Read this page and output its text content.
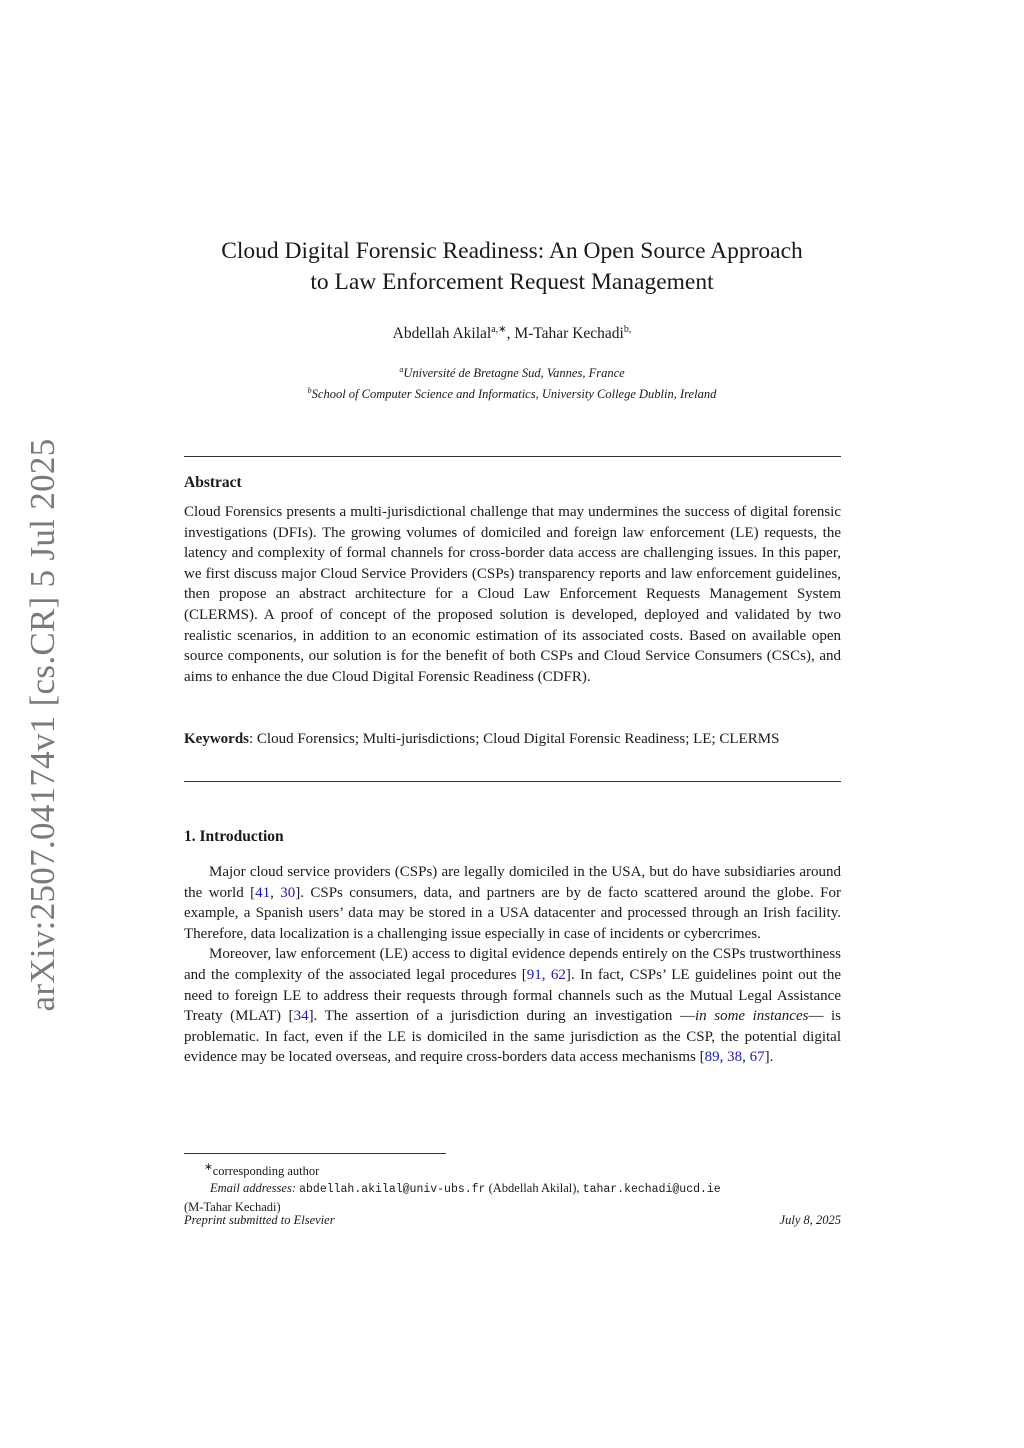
arXiv:2507.04174v1 [cs.CR] 5 Jul 2025
Cloud Digital Forensic Readiness: An Open Source Approach
to Law Enforcement Request Management
Abdellah Akilal$^{a,∗}$, M-Tahar Kechadi$^{b,}$
$^a$Université de Bretagne Sud, Vannes, France
$^b$School of Computer Science and Informatics, University College Dublin, Ireland
Abstract

Cloud Forensics presents a multi-jurisdictional challenge that may undermines the success of digital forensic investigations (DFIs). The growing volumes of domiciled and foreign law enforcement (LE) requests, the latency and complexity of formal channels for cross-border data access are challenging issues. In this paper, we first discuss major Cloud Service Providers (CSPs) transparency reports and law enforcement guidelines, then propose an abstract architecture for a Cloud Law Enforcement Requests Management System (CLERMS). A proof of concept of the proposed solution is developed, deployed and validated by two realistic scenarios, in addition to an economic estimation of its associated costs. Based on available open source components, our solution is for the benefit of both CSPs and Cloud Service Consumers (CSCs), and aims to enhance the due Cloud Digital Forensic Readiness (CDFR).

Keywords: Cloud Forensics; Multi-jurisdictions; Cloud Digital Forensic Readiness; LE; CLERMS
1. Introduction

Major cloud service providers (CSPs) are legally domiciled in the USA, but do have subsidiaries around the world [41, 30]. CSPs consumers, data, and partners are by de facto scattered around the globe. For example, a Spanish users’ data may be stored in a USA datacenter and processed through an Irish facility. Therefore, data localization is a challenging issue especially in case of incidents or cybercrimes.

Moreover, law enforcement (LE) access to digital evidence depends entirely on the CSPs trustworthiness and the complexity of the associated legal procedures [91, 62]. In fact, CSPs’ LE guidelines point out the need to foreign LE to address their requests through formal channels such as the Mutual Legal Assistance Treaty (MLAT) [34]. The assertion of a jurisdiction during an investigation —in some instances— is problematic. In fact, even if the LE is domiciled in the same jurisdiction as the CSP, the potential digital evidence may be located overseas, and require cross-borders data access mechanisms [89, 38, 67].

∗corresponding author
Email addresses: abdellah.akilal@univ-ubs.fr (Abdellah Akilal), tahar.kechadi@ucd.ie
(M-Tahar Kechadi)
Preprint submitted to Elsevier	July 8, 2025
